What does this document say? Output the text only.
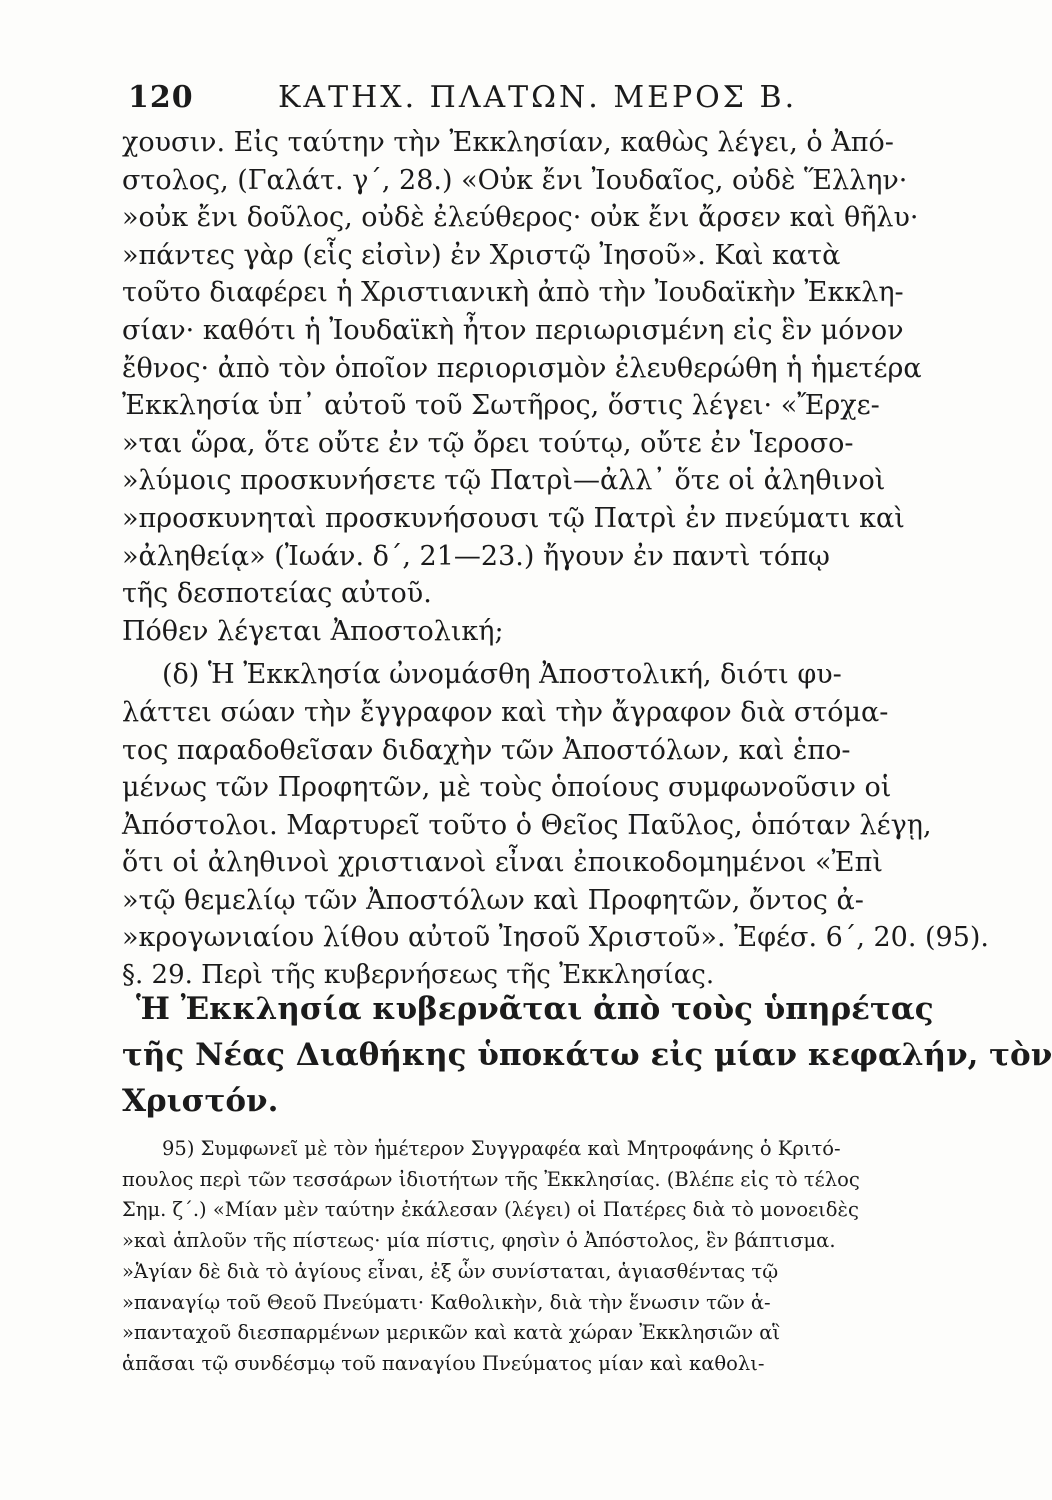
120	ΚΑΤΗΧ. ΠΛΑΤΩΝ. ΜΕΡΟΣ Β.

χουσιν. Εἰς ταύτην τὴν Ἐκκλησίαν, καθὼς λέγει, ὁ Ἀπό-
στολος, (Γαλάτ. γ΄, 28.) «Οὐκ ἔνι Ἰουδαῖος, οὐδὲ Ἕλλην·
»οὐκ ἔνι δοῦλος, οὐδὲ ἐλεύθερος· οὐκ ἔνι ἄρσεν καὶ θῆλυ·
»πάντες γὰρ (εἷς εἰσὶν) ἐν Χριστῷ Ἰησοῦ». Καὶ κατὰ
τοῦτο διαφέρει ἡ Χριστιανικὴ ἀπὸ τὴν Ἰουδαϊκὴν Ἐκκλη-
σίαν· καθότι ἡ Ἰουδαϊκὴ ἦτον περιωρισμένη εἰς ἓν μόνον
ἔθνος· ἀπὸ τὸν ὁποῖον περιορισμὸν ἐλευθερώθη ἡ ἡμετέρα
Ἐκκλησία ὑπ᾿ αὐτοῦ τοῦ Σωτῆρος, ὅστις λέγει· «Ἔρχε-
»ται ὥρα, ὅτε οὔτε ἐν τῷ ὄρει τούτῳ, οὔτε ἐν Ἱεροσο-
»λύμοις προσκυνήσετε τῷ Πατρὶ—ἀλλ᾿ ὅτε οἱ ἀληθινοὶ
»προσκυνηταὶ προσκυνήσουσι τῷ Πατρὶ ἐν πνεύματι καὶ
»ἀληθείᾳ» (Ἰωάν. δ΄, 21—23.) ἤγουν ἐν παντὶ τόπῳ
τῆς δεσποτείας αὐτοῦ.

Πόθεν λέγεται Ἀποστολική;

(δ) Ἡ Ἐκκλησία ὠνομάσθη Ἀποστολική, διότι φυ-
λάττει σώαν τὴν ἔγγραφον καὶ τὴν ἄγραφον διὰ στόμα-
τος παραδοθεῖσαν διδαχὴν τῶν Ἀποστόλων, καὶ ἑπο-
μένως τῶν Προφητῶν, μὲ τοὺς ὁποίους συμφωνοῦσιν οἱ
Ἀπόστολοι. Μαρτυρεῖ τοῦτο ὁ Θεῖος Παῦλος, ὁπόταν λέγῃ,
ὅτι οἱ ἀληθινοὶ χριστιανοὶ εἶναι ἐποικοδομημένοι «Ἐπὶ
»τῷ θεμελίῳ τῶν Ἀποστόλων καὶ Προφητῶν, ὄντος ἀ-
»κρογωνιαίου λίθου αὐτοῦ Ἰησοῦ Χριστοῦ». Ἐφέσ. 6΄, 20. (95).

§. 29. Περὶ τῆς κυβερνήσεως τῆς Ἐκκλησίας.

Ἡ Ἐκκλησία κυβερνᾶται ἀπὸ τοὺς ὑπηρέτας
τῆς Νέας Διαθήκης ὑποκάτω εἰς μίαν κεφαλήν, τὸν
Χριστόν.
95) Συμφωνεῖ μὲ τὸν ἡμέτερον Συγγραφέα καὶ Μητροφάνης ὁ Κριτό-
πουλος περὶ τῶν τεσσάρων ἰδιοτήτων τῆς Ἐκκλησίας. (Βλέπε εἰς τὸ τέλος
Σημ. ζ΄.) «Μίαν μὲν ταύτην ἐκάλεσαν (λέγει) οἱ Πατέρες διὰ τὸ μονοειδὲς
»καὶ ἁπλοῦν τῆς πίστεως· μία πίστις, φησὶν ὁ Ἀπόστολος, ἓν βάπτισμα.
»Ἁγίαν δὲ διὰ τὸ ἁγίους εἶναι, ἐξ ὧν συνίσταται, ἁγιασθέντας τῷ
»παναγίῳ τοῦ Θεοῦ Πνεύματι· Καθολικὴν, διὰ τὴν ἕνωσιν τῶν ἁ-
»πανταχοῦ διεσπαρμένων μερικῶν καὶ κατὰ χώραν Ἐκκλησιῶν αἳ
ἁπᾶσαι τῷ συνδέσμῳ τοῦ παναγίου Πνεύματος μίαν καὶ καθολι-
